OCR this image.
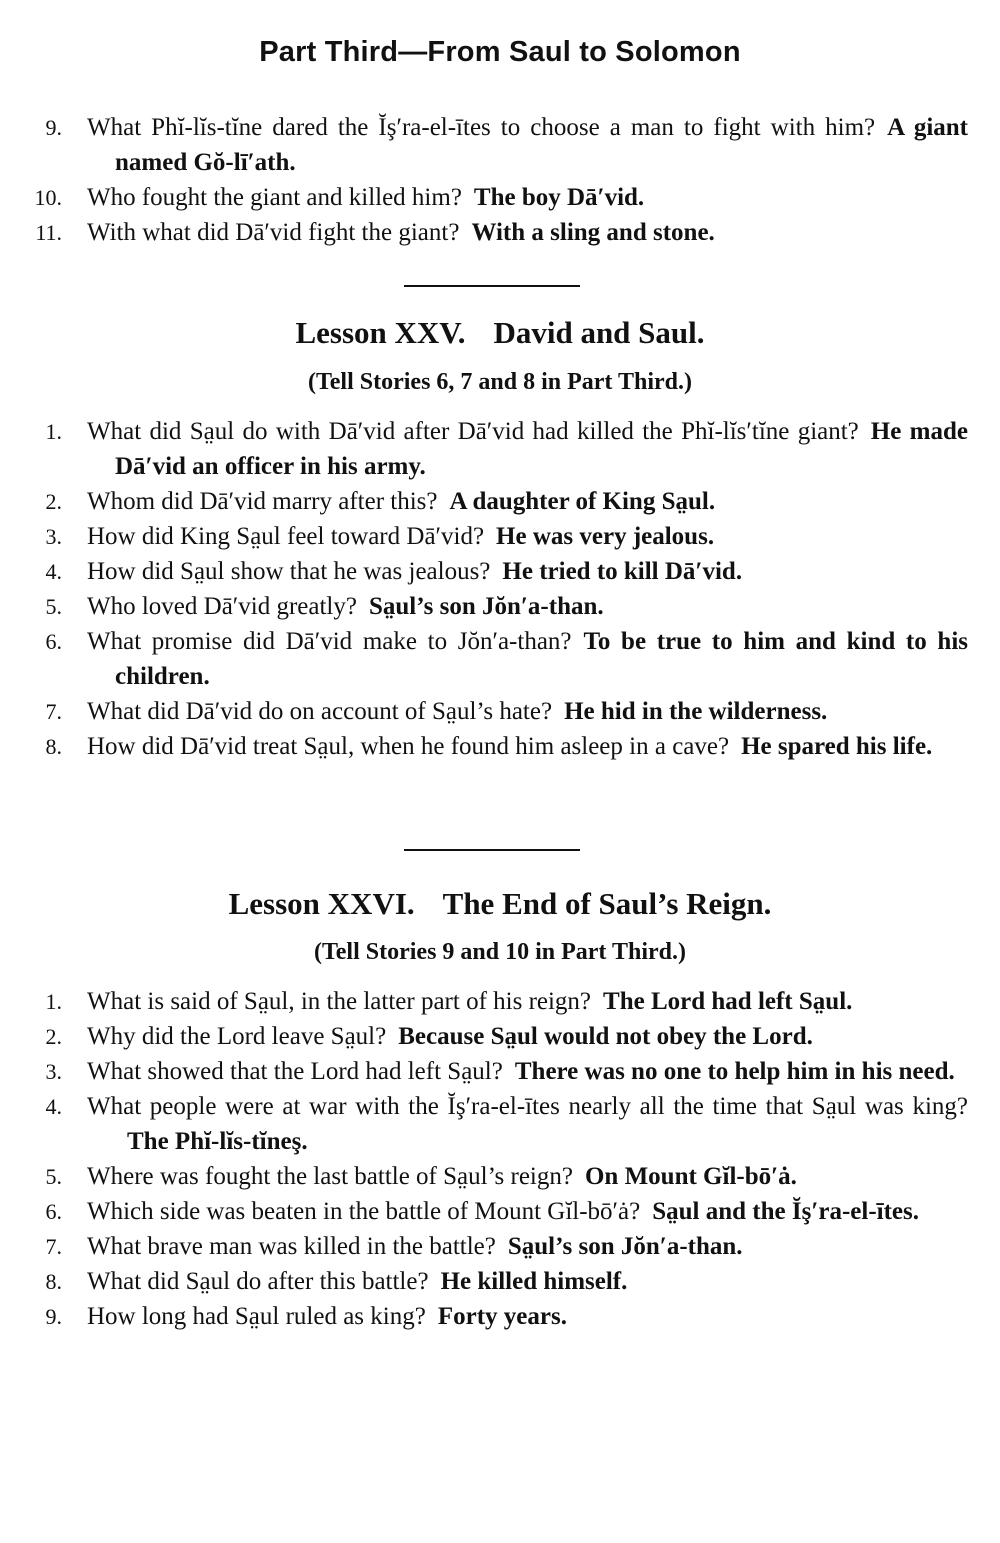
Part Third—From Saul to Solomon
9. What Phĭ-lĭs-tĭne dared the Ĭş′ra-el-ītes to choose a man to fight with him? A giant named Gŏ-lī′ath.
10. Who fought the giant and killed him? The boy Dā′vid.
11. With what did Dā′vid fight the giant? With a sling and stone.
Lesson XXV. David and Saul.
(Tell Stories 6, 7 and 8 in Part Third.)
1. What did Sa̤ul do with Dā′vid after Dā′vid had killed the Phĭ-lĭs′tĭne giant? He made Dā′vid an officer in his army.
2. Whom did Dā′vid marry after this? A daughter of King Sa̤ul.
3. How did King Sa̤ul feel toward Dā′vid? He was very jealous.
4. How did Sa̤ul show that he was jealous? He tried to kill Dā′vid.
5. Who loved Dā′vid greatly? Sa̤ul’s son Jŏn′a-than.
6. What promise did Dā′vid make to Jŏn′a-than? To be true to him and kind to his children.
7. What did Dā′vid do on account of Sa̤ul’s hate? He hid in the wilderness.
8. How did Dā′vid treat Sa̤ul, when he found him asleep in a cave? He spared his life.
Lesson XXVI. The End of Saul’s Reign.
(Tell Stories 9 and 10 in Part Third.)
1. What is said of Sa̤ul, in the latter part of his reign? The Lord had left Sa̤ul.
2. Why did the Lord leave Sa̤ul? Because Sa̤ul would not obey the Lord.
3. What showed that the Lord had left Sa̤ul? There was no one to help him in his need.
4. What people were at war with the Ĭş′ra-el-ītes nearly all the time that Sa̤ul was king?The Phĭ-lĭs-tĭneş.
5. Where was fought the last battle of Sa̤ul’s reign? On Mount Gĭl-bō′ȧ.
6. Which side was beaten in the battle of Mount Gĭl-bō′ȧ? Sa̤ul and the Ĭş′ra-el-ītes.
7. What brave man was killed in the battle? Sa̤ul’s son Jŏn′a-than.
8. What did Sa̤ul do after this battle? He killed himself.
9. How long had Sa̤ul ruled as king? Forty years.
